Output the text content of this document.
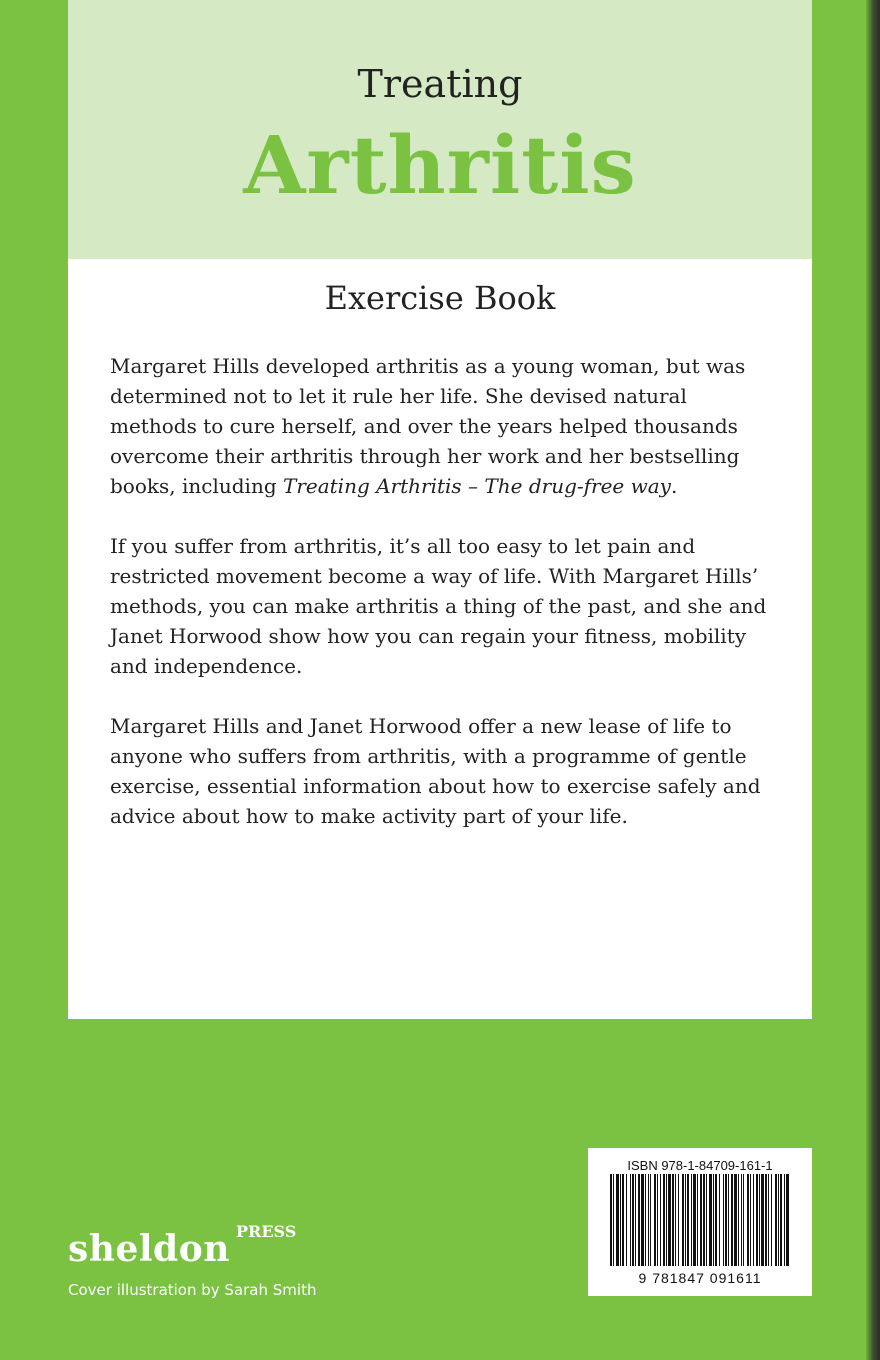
Treating
Arthritis
Exercise Book
Margaret Hills developed arthritis as a young woman, but was determined not to let it rule her life. She devised natural methods to cure herself, and over the years helped thousands overcome their arthritis through her work and her bestselling books, including Treating Arthritis – The drug-free way.
If you suffer from arthritis, it’s all too easy to let pain and restricted movement become a way of life. With Margaret Hills’ methods, you can make arthritis a thing of the past, and she and Janet Horwood show how you can regain your fitness, mobility and independence.
Margaret Hills and Janet Horwood offer a new lease of life to anyone who suffers from arthritis, with a programme of gentle exercise, essential information about how to exercise safely and advice about how to make activity part of your life.
PRESS
sheldon
Cover illustration by Sarah Smith
ISBN 978-1-84709-161-1
9 781847 091611
